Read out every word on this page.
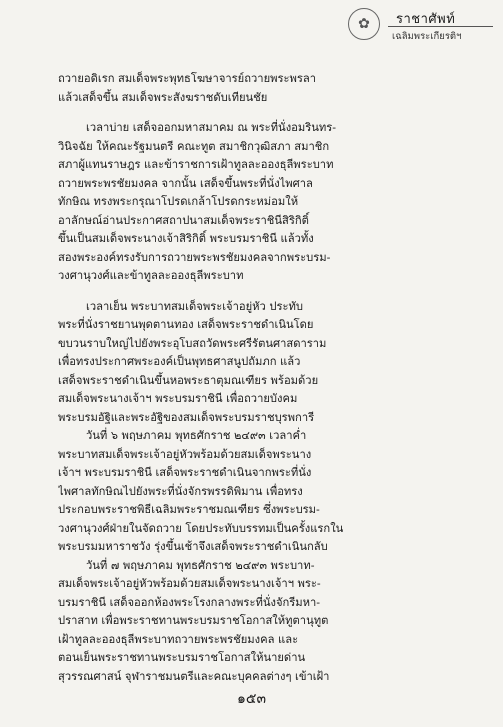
✿	ราชาศัพท์
เฉลิมพระเกียรติฯ
ถวายอดิเรก สมเด็จพระพุทธโฆษาจารย์ถวายพระพรลา
แล้วเสด็จขึ้น สมเด็จพระสังฆราชดับเทียนชัย
เวลาบ่าย เสด็จออกมหาสมาคม ณ พระที่นั่งอมรินทร-
วินิจฉัย ให้คณะรัฐมนตรี คณะทูต สมาชิกวุฒิสภา สมาชิก
สภาผู้แทนราษฎร และข้าราชการเฝ้าทูลละอองธุลีพระบาท
ถวายพระพรชัยมงคล จากนั้น เสด็จขึ้นพระที่นั่งไพศาล
ทักษิณ ทรงพระกรุณาโปรดเกล้าโปรดกระหม่อมให้
อาลักษณ์อ่านประกาศสถาปนาสมเด็จพระราชินีสิริกิติ์
ขึ้นเป็นสมเด็จพระนางเจ้าสิริกิติ์ พระบรมราชินี แล้วทั้ง
สองพระองค์ทรงรับการถวายพระพรชัยมงคลจากพระบรม-
วงศานุวงศ์และข้าทูลละอองธุลีพระบาท
เวลาเย็น พระบาทสมเด็จพระเจ้าอยู่หัว ประทับ
พระที่นั่งราชยานพุดตานทอง เสด็จพระราชดำเนินโดย
ขบวนราบใหญ่ไปยังพระอุโบสถวัดพระศรีรัตนศาสดาราม
เพื่อทรงประกาศพระองค์เป็นพุทธศาสนูปถัมภก แล้ว
เสด็จพระราชดำเนินขึ้นหอพระธาตุมณเฑียร พร้อมด้วย
สมเด็จพระนางเจ้าฯ พระบรมราชินี เพื่อถวายบังคม
พระบรมอัฐิและพระอัฐิของสมเด็จพระบรมราชบุรพการี
วันที่ ๖ พฤษภาคม พุทธศักราช ๒๔๙๓ เวลาค่ำ
พระบาทสมเด็จพระเจ้าอยู่หัวพร้อมด้วยสมเด็จพระนาง
เจ้าฯ พระบรมราชินี เสด็จพระราชดำเนินจากพระที่นั่ง
ไพศาลทักษิณไปยังพระที่นั่งจักรพรรดิพิมาน เพื่อทรง
ประกอบพระราชพิธีเฉลิมพระราชมณเฑียร ซึ่งพระบรม-
วงศานุวงศ์ฝ่ายในจัดถวาย โดยประทับบรรทมเป็นครั้งแรกใน
พระบรมมหาราชวัง รุ่งขึ้นเช้าจึงเสด็จพระราชดำเนินกลับ
วันที่ ๗ พฤษภาคม พุทธศักราช ๒๔๙๓ พระบาท-
สมเด็จพระเจ้าอยู่หัวพร้อมด้วยสมเด็จพระนางเจ้าฯ พระ-
บรมราชินี เสด็จออกห้องพระโรงกลางพระที่นั่งจักรีมหา-
ปราสาท เพื่อพระราชทานพระบรมราชโอกาสให้ทูตานุทูต
เฝ้าทูลละอองธุลีพระบาทถวายพระพรชัยมงคล และ
ตอนเย็นพระราชทานพระบรมราชโอกาสให้นายด่าน
สุวรรณศาสน์ จุฬาราชมนตรีและคณะบุคคลต่างๆ เข้าเฝ้า
๑๕๓
